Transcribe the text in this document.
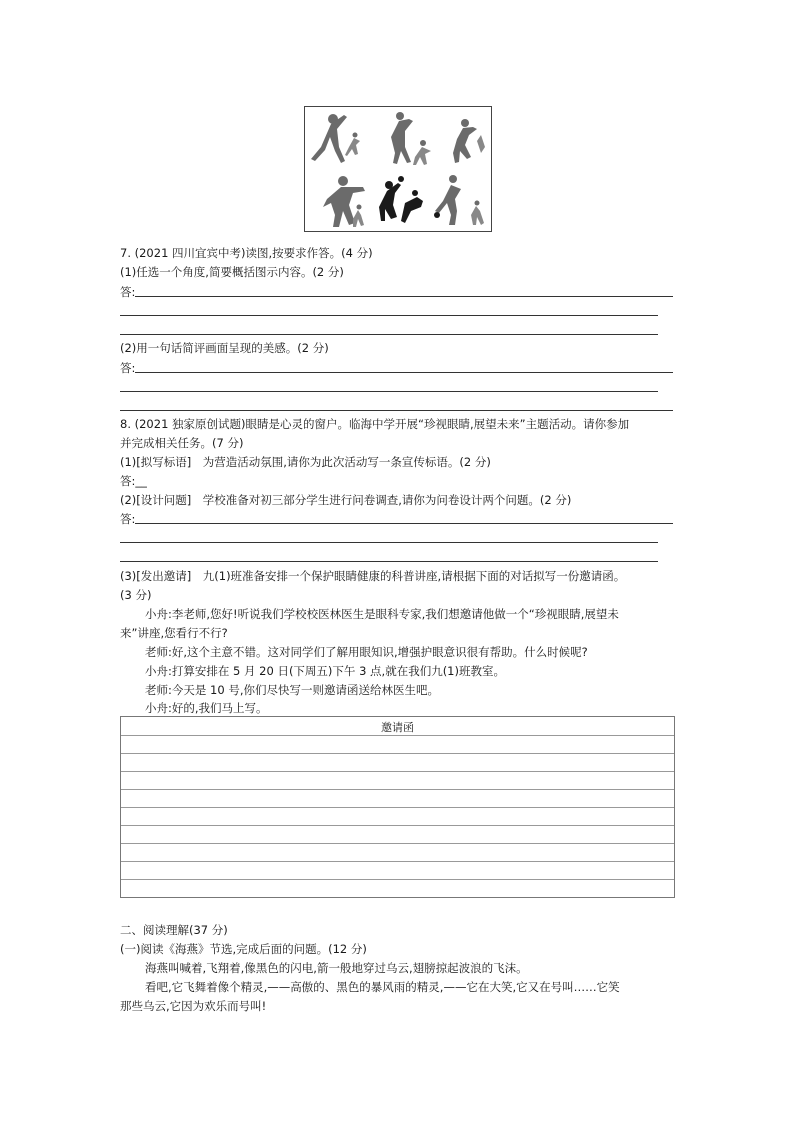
7. (2021 四川宜宾中考)读图,按要求作答。(4 分)
(1)任选一个角度,简要概括图示内容。(2 分)
答:
(2)用一句话简评画面呈现的美感。(2 分)
答:
8. (2021 独家原创试题)眼睛是心灵的窗户。临海中学开展“珍视眼睛,展望未来”主题活动。请你参加
并完成相关任务。(7 分)
(1)[拟写标语]　为营造活动氛围,请你为此次活动写一条宣传标语。(2 分)
答:__
(2)[设计问题]　学校准备对初三部分学生进行问卷调查,请你为问卷设计两个问题。(2 分)
答:
(3)[发出邀请]　九(1)班准备安排一个保护眼睛健康的科普讲座,请根据下面的对话拟写一份邀请函。
(3 分)
小舟:李老师,您好!听说我们学校校医林医生是眼科专家,我们想邀请他做一个“珍视眼睛,展望未
来”讲座,您看行不行?
老师:好,这个主意不错。这对同学们了解用眼知识,增强护眼意识很有帮助。什么时候呢?
小舟:打算安排在 5 月 20 日(下周五)下午 3 点,就在我们九(1)班教室。
老师:今天是 10 号,你们尽快写一则邀请函送给林医生吧。
小舟:好的,我们马上写。
邀请函
二、阅读理解(37 分)
(一)阅读《海燕》节选,完成后面的问题。(12 分)
海燕叫喊着,飞翔着,像黑色的闪电,箭一般地穿过乌云,翅膀掠起波浪的飞沫。
看吧,它飞舞着像个精灵,——高傲的、黑色的暴风雨的精灵,——它在大笑,它又在号叫……它笑
那些乌云,它因为欢乐而号叫!
